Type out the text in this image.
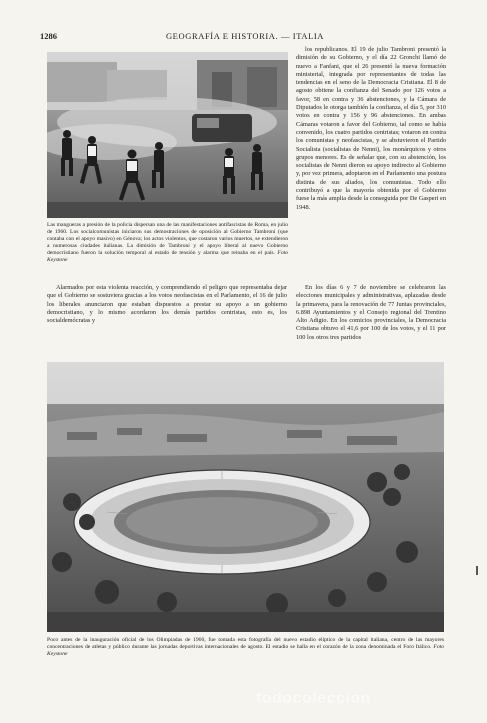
1286	GEOGRAFÍA E HISTORIA. — ITALIA
Las mangueras a presión de la policía dispersan una de las manifestaciones antifascistas de Roma, en julio de 1960. Los socialcomunistas iniciaron sus demostraciones de oposición al Gobierno Tambroni (que contaba con el apoyo masivo) en Génova; los actos violentos, que costaron varios muertos, se extendieron a numerosas ciudades italianas. La dimisión de Tambroni y el apoyo liberal al nuevo Gobierno democristiano fueron la solución temporal al estado de tensión y alarma que reinaba en el país. Foto Keystone

los republicanos. El 19 de julio Tambroni presentó la dimisión de su Gobierno, y el día 22 Gronchi llamó de nuevo a Fanfani, que el 26 presentó la nueva formación ministerial, integrada por representantes de todas las tendencias en el seno de la Democracia Cristiana. El 8 de agosto obtiene la confianza del Senado por 126 votos a favor, 58 en contra y 36 abstenciones, y la Cámara de Diputados le otorga también la confianza, el día 5, por 310 votos en contra y 156 y 96 abstenciones. En ambas Cámaras votaron a favor del Gobierno, tal como se había convenido, los cuatro partidos centristas; votaron en contra los comunistas y neofascistas, y se abstuvieron el Partido Socialista (socialistas de Nenni), los monárquicos y otros grupos menores. Es de señalar que, con su abstención, los socialistas de Nenni dieron su apoyo indirecto al Gobierno y, por vez primera, adoptaron en el Parlamento una postura distinta de sus aliados, los comunistas. Todo ello contribuyó a que la mayoría obtenida por el Gobierno fuese la más amplia desde la conseguida por De Gasperi en 1948.

Alarmados por esta violenta reacción, y comprendiendo el peligro que representaba dejar que el Gobierno se sostuviera gracias a los votos neofascistas en el Parlamento, el 16 de julio los liberales anunciaron que estaban dispuestos a prestar su apoyo a un gobierno democristiano, y lo mismo acordaron los demás partidos centristas, esto es, los socialdemócratas y

En los días 6 y 7 de noviembre se celebraron las elecciones municipales y administrativas, aplazadas desde la primavera, para la renovación de 77 Juntas provinciales, 6.898 Ayuntamientos y el Consejo regional del Trentino Alto Adigio. En los comicios provinciales, la Democracia Cristiana obtuvo el 41,6 por 100 de los votos, y el 11 por 100 los otros tres partidos

Poco antes de la inauguración oficial de los Olimpíadas de 1960, fue tomada esta fotografía del nuevo estadio elíptico de la capital italiana, centro de las mayores concentraciones de atletas y público durante las jornadas deportivas internacionales de agosto. El estadio se halla en el corazón de la zona denominada el Foro Itálico. Foto Keystone
todocoleccion
